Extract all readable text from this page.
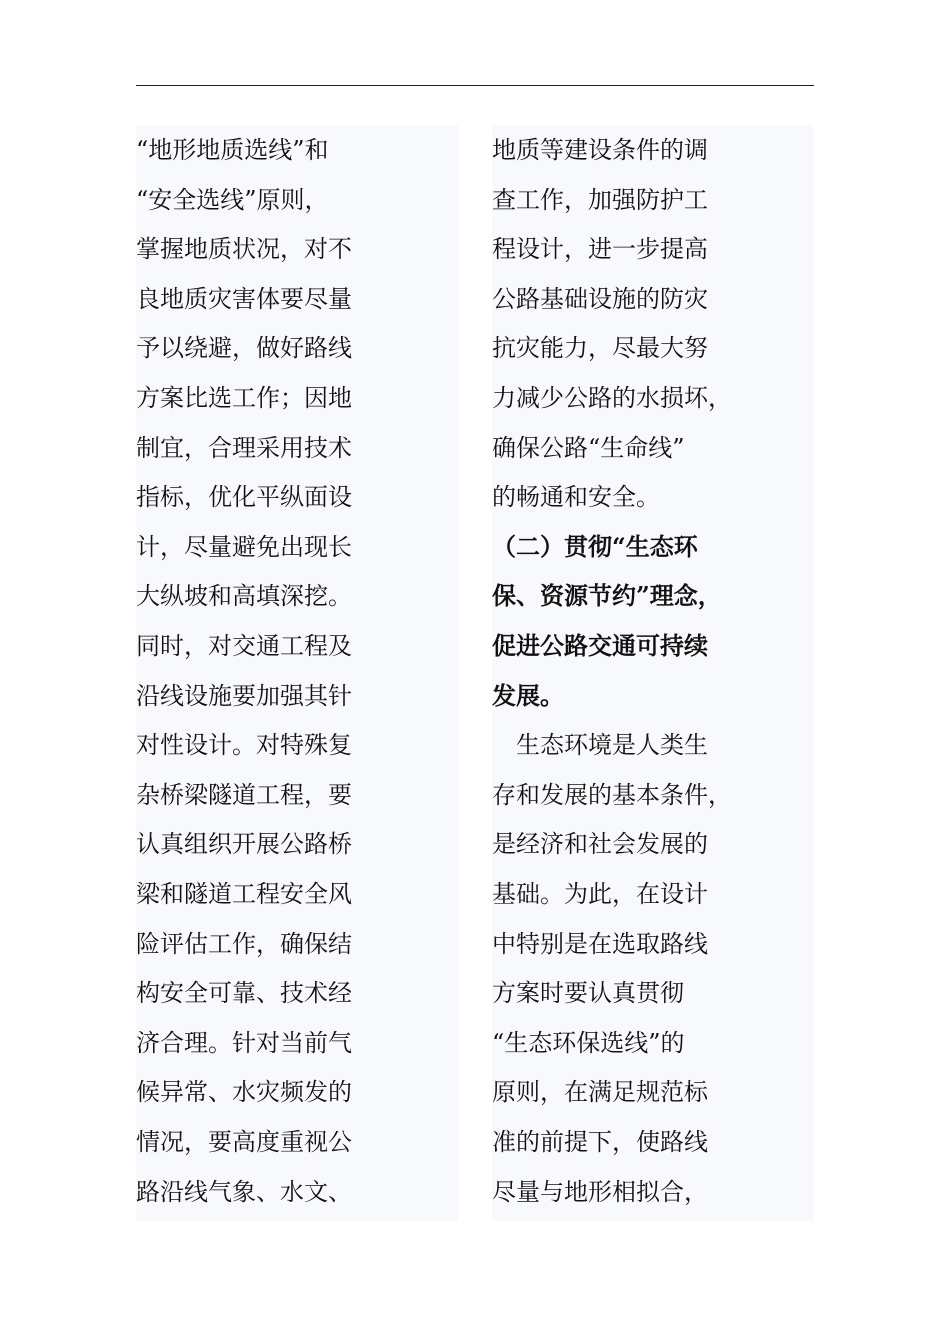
“地形地质选线”和
“安全选线”原则，
掌握地质状况，对不
良地质灾害体要尽量
予以绕避，做好路线
方案比选工作；因地
制宜，合理采用技术
指标，优化平纵面设
计，尽量避免出现长
大纵坡和高填深挖。
同时，对交通工程及
沿线设施要加强其针
对性设计。对特殊复
杂桥梁隧道工程，要
认真组织开展公路桥
梁和隧道工程安全风
险评估工作，确保结
构安全可靠、技术经
济合理。针对当前气
候异常、水灾频发的
情况，要高度重视公
路沿线气象、水文、
地质等建设条件的调
查工作，加强防护工
程设计，进一步提高
公路基础设施的防灾
抗灾能力，尽最大努
力减少公路的水损坏，
确保公路“生命线”
的畅通和安全。
（二）贯彻“生态环
保、资源节约”理念，
促进公路交通可持续
发展。
　生态环境是人类生
存和发展的基本条件，
是经济和社会发展的
基础。为此，在设计
中特别是在选取路线
方案时要认真贯彻
“生态环保选线”的
原则，在满足规范标
准的前提下，使路线
尽量与地形相拟合，
